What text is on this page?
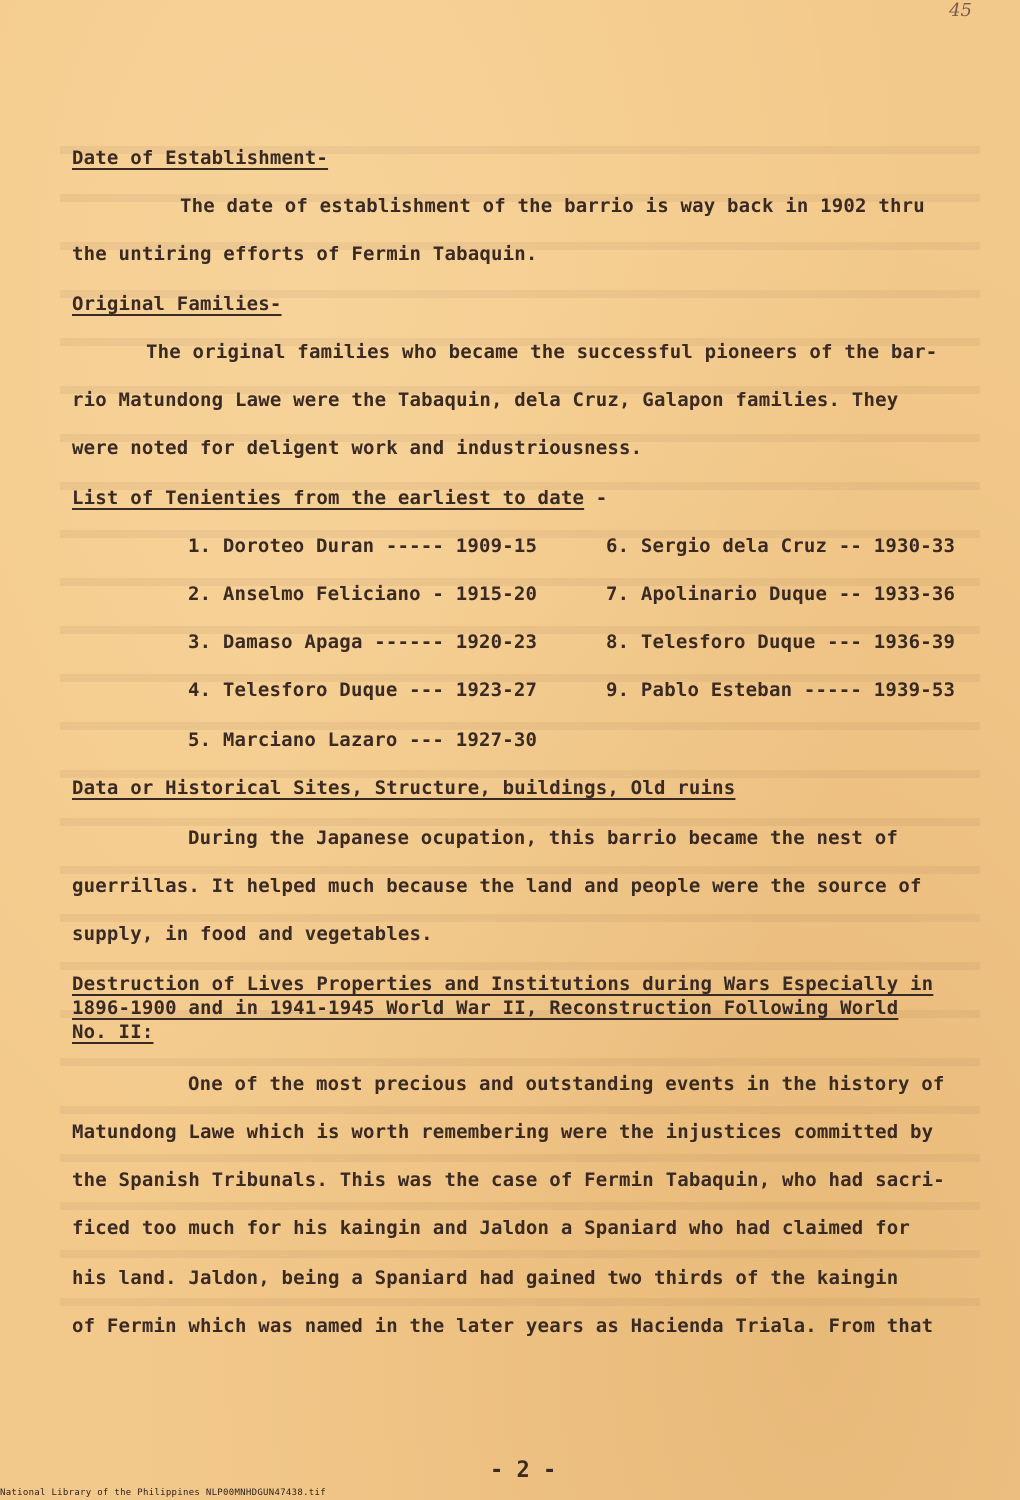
45
Date of Establishment-
The date of establishment of the barrio is way back in 1902 thru
the untiring efforts of Fermin Tabaquin.
Original Families-
The original families who became the successful pioneers of the bar-
rio Matundong Lawe were the Tabaquin, dela Cruz, Galapon families. They
were noted for deligent work and industriousness.
List of Tenienties from the earliest to date -
1. Doroteo Duran ----- 1909-15
2. Anselmo Feliciano - 1915-20
3. Damaso Apaga ------ 1920-23
4. Telesforo Duque --- 1923-27
5. Marciano Lazaro --- 1927-30
6. Sergio dela Cruz -- 1930-33
7. Apolinario Duque -- 1933-36
8. Telesforo Duque --- 1936-39
9. Pablo Esteban ----- 1939-53
Data or Historical Sites, Structure, buildings, Old ruins
During the Japanese ocupation, this barrio became the nest of
guerrillas. It helped much because the land and people were the source of
supply, in food and vegetables.
Destruction of Lives Properties and Institutions during Wars Especially in
1896-1900 and in 1941-1945 World War II, Reconstruction Following World
No. II:
One of the most precious and outstanding events in the history of
Matundong Lawe which is worth remembering were the injustices committed by
the Spanish Tribunals. This was the case of Fermin Tabaquin, who had sacri-
ficed too much for his kaingin and Jaldon a Spaniard who had claimed for
his land. Jaldon, being a Spaniard had gained two thirds of the kaingin
of Fermin which was named in the later years as Hacienda Triala. From that
- 2 -
National Library of the Philippines NLP00MNHDGUN47438.tif
